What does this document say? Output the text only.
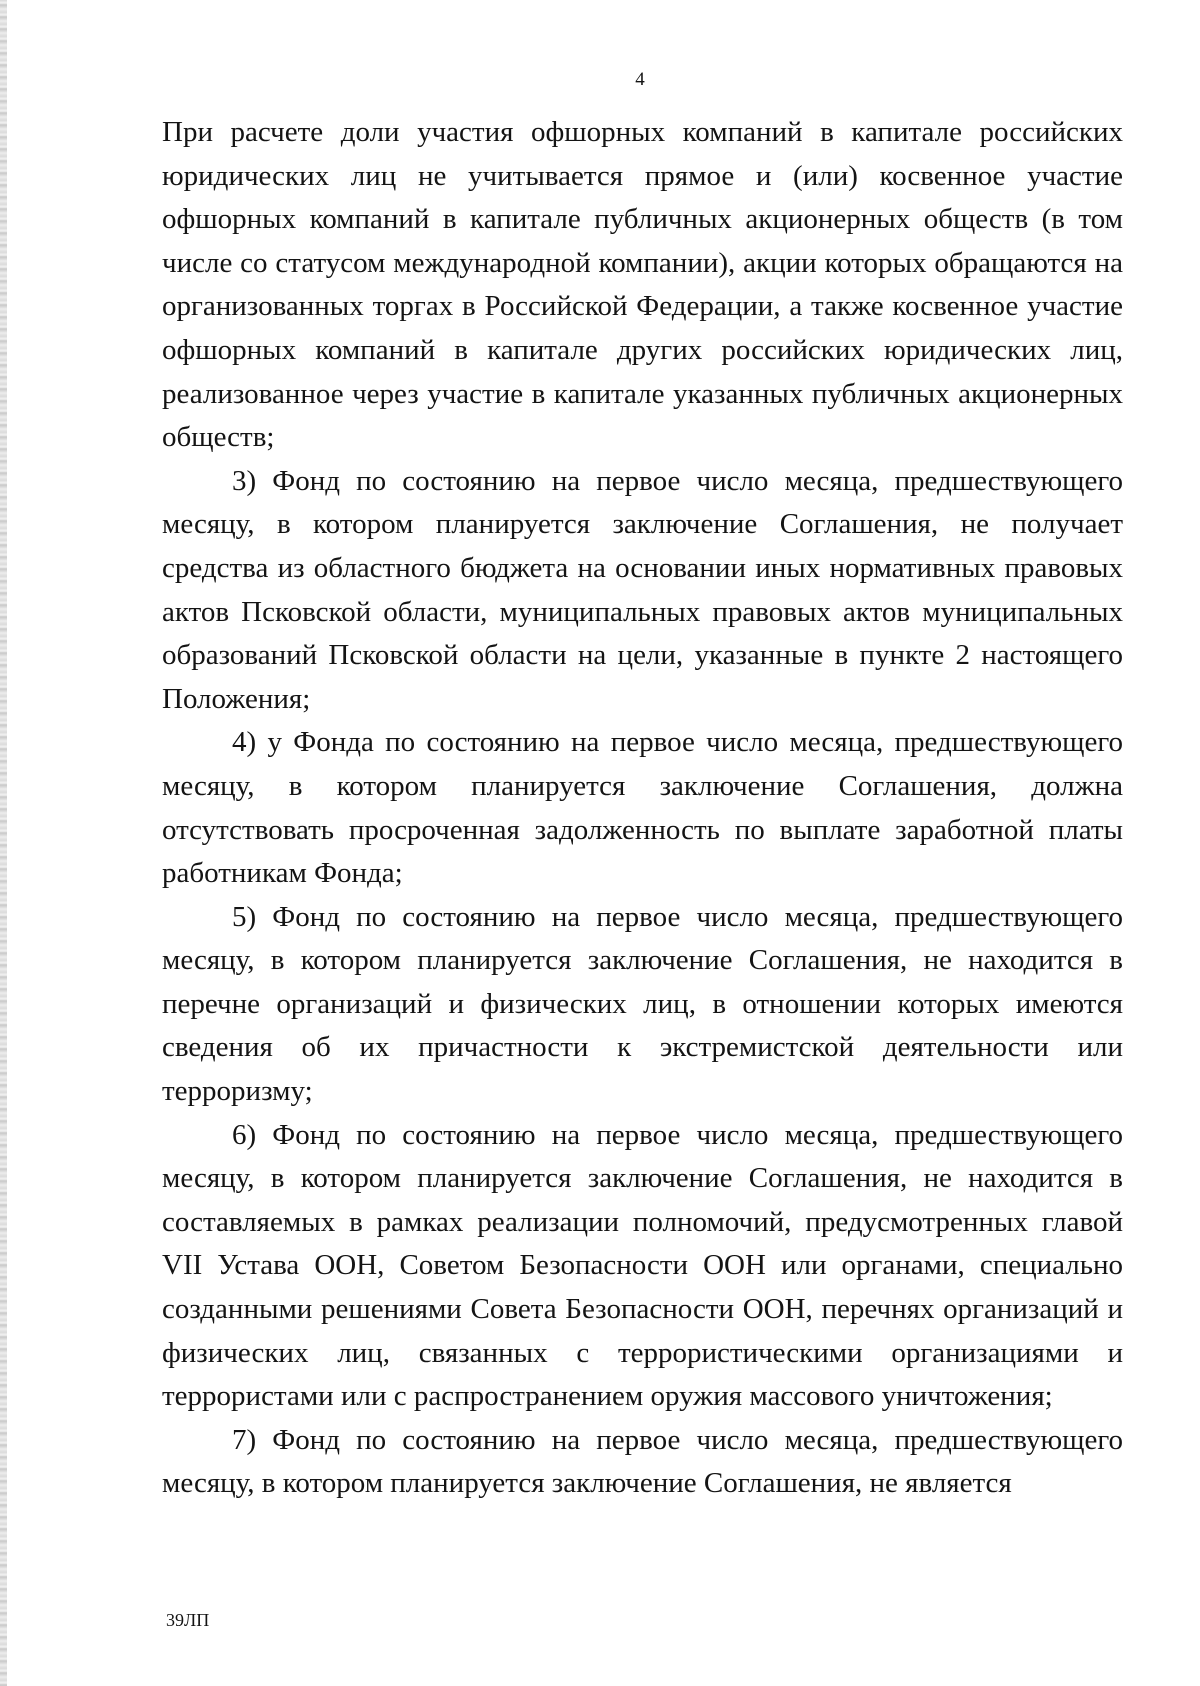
4

При расчете доли участия офшорных компаний в капитале российских юридических лиц не учитывается прямое и (или) косвенное участие офшорных компаний в капитале публичных акционерных обществ (в том числе со статусом международной компании), акции которых обращаются на организованных торгах в Российской Федерации, а также косвенное участие офшорных компаний в капитале других российских юридических лиц, реализованное через участие в капитале указанных публичных акционерных обществ;

3) Фонд по состоянию на первое число месяца, предшествующего месяцу, в котором планируется заключение Соглашения, не получает средства из областного бюджета на основании иных нормативных правовых актов Псковской области, муниципальных правовых актов муниципальных образований Псковской области на цели, указанные в пункте 2 настоящего Положения;

4) у Фонда по состоянию на первое число месяца, предшествующего месяцу, в котором планируется заключение Соглашения, должна отсутствовать просроченная задолженность по выплате заработной платы работникам Фонда;

5) Фонд по состоянию на первое число месяца, предшествующего месяцу, в котором планируется заключение Соглашения, не находится в перечне организаций и физических лиц, в отношении которых имеются сведения об их причастности к экстремистской деятельности или терроризму;

6) Фонд по состоянию на первое число месяца, предшествующего месяцу, в котором планируется заключение Соглашения, не находится в составляемых в рамках реализации полномочий, предусмотренных главой VII Устава ООН, Советом Безопасности ООН или органами, специально созданными решениями Совета Безопасности ООН, перечнях организаций и физических лиц, связанных с террористическими организациями и террористами или с распространением оружия массового уничтожения;

7) Фонд по состоянию на первое число месяца, предшествующего месяцу, в котором планируется заключение Соглашения, не является

39ЛП
